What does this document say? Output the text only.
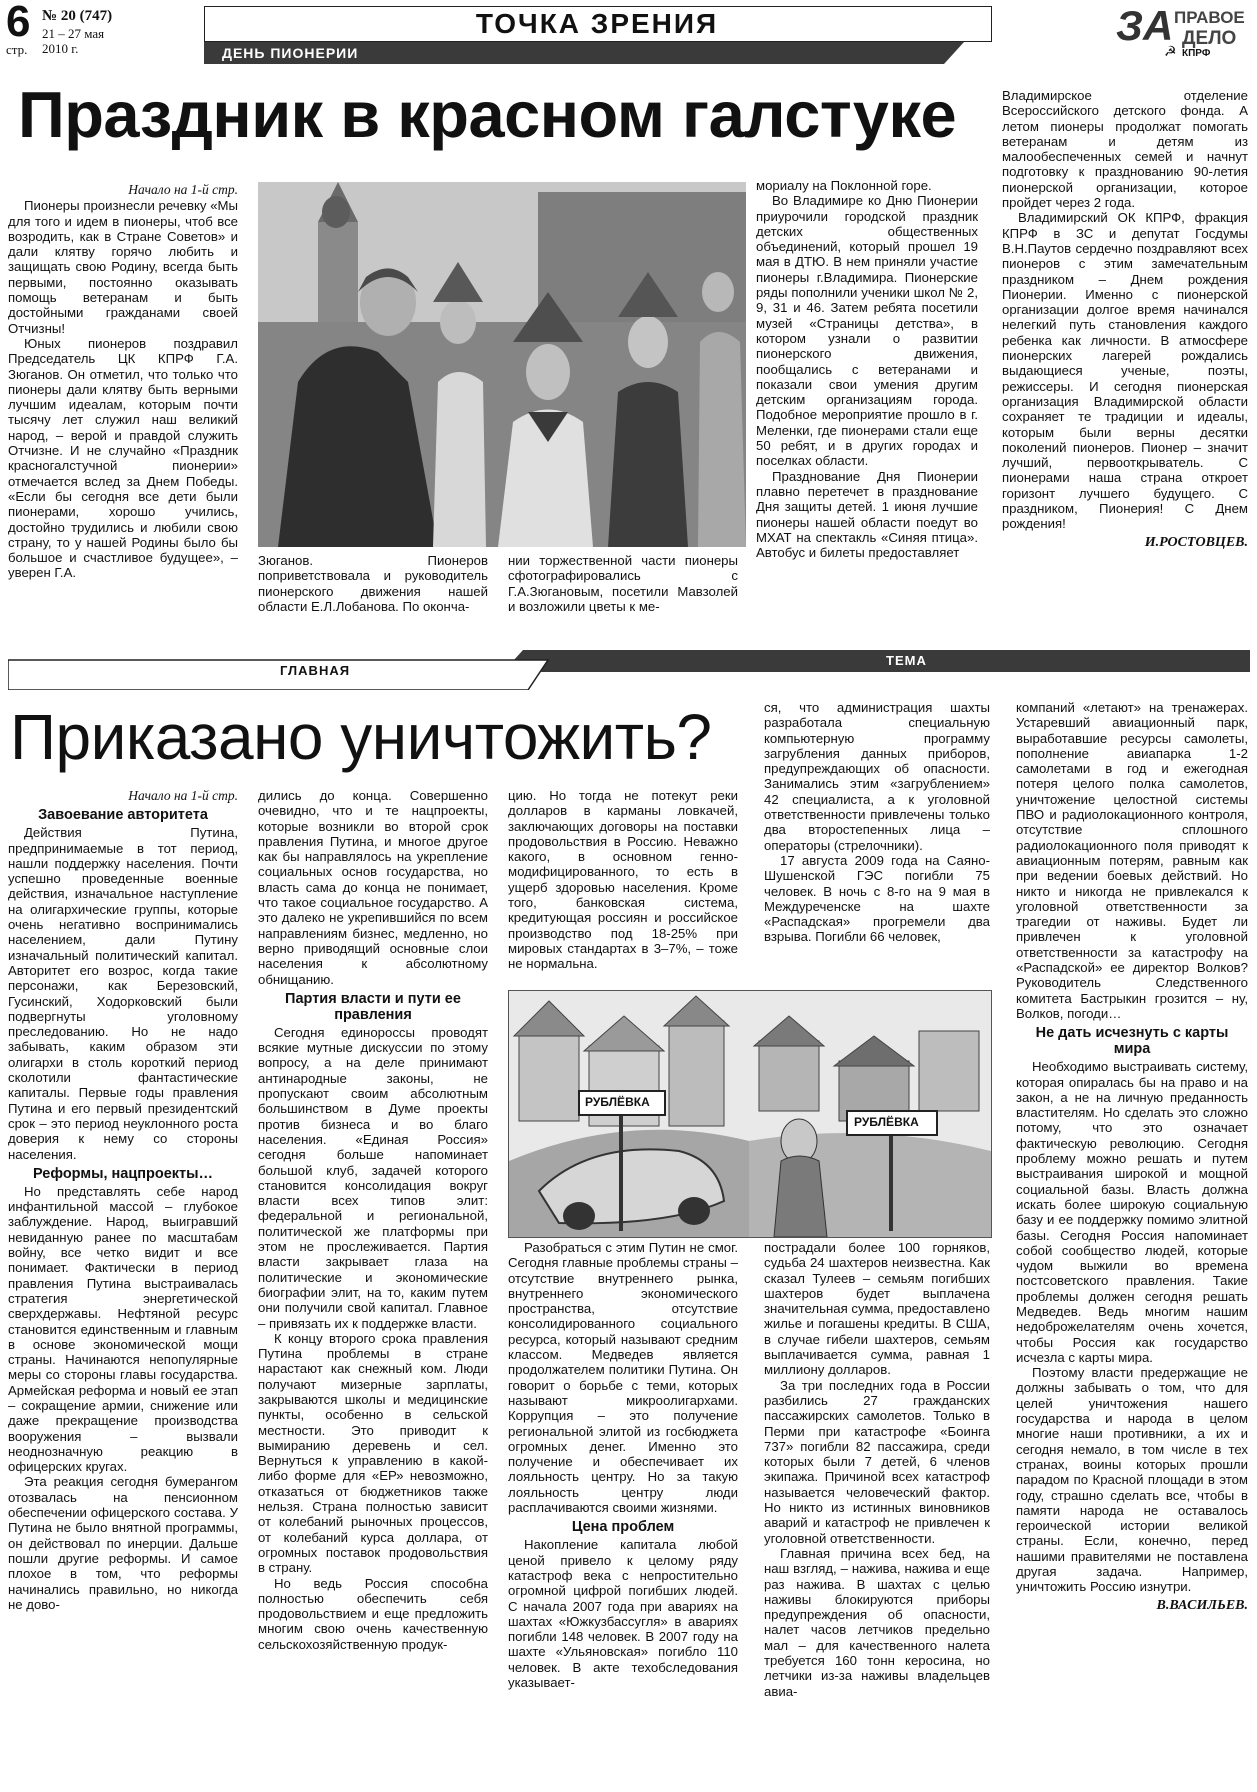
6
стр.
№ 20 (747)
21 – 27 мая
2010 г.
ТОЧКА ЗРЕНИЯ
ДЕНЬ ПИОНЕРИИ
ЗА ПРАВОЕ
ДЕЛО
☭ КПРФ
Праздник в красном галстуке
Начало на 1-й стр.

Пионеры произнесли речевку «Мы для того и идем в пионеры, чтоб все возродить, как в Стране Советов» и дали клятву горячо любить и защищать свою Родину, всегда быть первыми, постоянно оказывать помощь ветеранам и быть достойными гражданами своей Отчизны!

Юных пионеров поздравил Председатель ЦК КПРФ Г.А. Зюганов. Он отметил, что только что пионеры дали клятву быть верными лучшим идеалам, которым почти тысячу лет служил наш великий народ, – верой и правдой служить Отчизне. И не случайно «Праздник красногалстучной пионерии» отмечается вслед за Днем Победы. «Если бы сегодня все дети были пионерами, хорошо учились, достойно трудились и любили свою страну, то у нашей Родины было бы большое и счастливое будущее», – уверен Г.А.

Зюганов. Пионеров поприветствовала и руководитель пионерского движения нашей области Е.Л.Лобанова. По оконча-

нии торжественной части пионеры сфотографировались с Г.А.Зюгановым, посетили Мавзолей и возложили цветы к ме-

мориалу на Поклонной горе.

Во Владимире ко Дню Пионерии приурочили городской праздник детских общественных объединений, который прошел 19 мая в ДТЮ. В нем приняли участие пионеры г.Владимира. Пионерские ряды пополнили ученики школ № 2, 9, 31 и 46. Затем ребята посетили музей «Страницы детства», в котором узнали о развитии пионерского движения, пообщались с ветеранами и показали свои умения другим детским организациям города. Подобное мероприятие прошло в г. Меленки, где пионерами стали еще 50 ребят, и в других городах и поселках области.

Празднование Дня Пионерии плавно перетечет в празднование Дня защиты детей. 1 июня лучшие пионеры нашей области поедут во МХАТ на спектакль «Синяя птица». Автобус и билеты предоставляет

Владимирское отделение Всероссийского детского фонда. А летом пионеры продолжат помогать ветеранам и детям из малообеспеченных семей и начнут подготовку к празднованию 90-летия пионерской организации, которое пройдет через 2 года.

Владимирский ОК КПРФ, фракция КПРФ в ЗС и депутат Госдумы В.Н.Паутов сердечно поздравляют всех пионеров с этим замечательным праздником – Днем рождения Пионерии. Именно с пионерской организации долгое время начинался нелегкий путь становления каждого ребенка как личности. В атмосфере пионерских лагерей рождались выдающиеся ученые, поэты, режиссеры. И сегодня пионерская организация Владимирской области сохраняет те традиции и идеалы, которым были верны десятки поколений пионеров. Пионер – значит лучший, первооткрыватель. С пионерами наша страна откроет горизонт лучшего будущего. С праздником, Пионерия! С Днем рождения!

И.РОСТОВЦЕВ.
ГЛАВНАЯ
ТЕМА
Приказано уничтожить?
Начало на 1-й стр.
Завоевание авторитета

Действия Путина, предпринимаемые в тот период, нашли поддержку населения. Почти успешно проведенные военные действия, изначальное наступление на олигархические группы, которые очень негативно воспринимались населением, дали Путину изначальный политический капитал. Авторитет его возрос, когда такие персонажи, как Березовский, Гусинский, Ходорковский были подвергнуты уголовному преследованию. Но не надо забывать, каким образом эти олигархи в столь короткий период сколотили фантастические капиталы. Первые годы правления Путина и его первый президентский срок – это период неуклонного роста доверия к нему со стороны населения.

Реформы, нацпроекты…

Но представлять себе народ инфантильной массой – глубокое заблуждение. Народ, выигравший невиданную ранее по масштабам войну, все четко видит и все понимает. Фактически в период правления Путина выстраивалась стратегия энергетической сверхдержавы. Нефтяной ресурс становится единственным и главным в основе экономической мощи страны. Начинаются непопулярные меры со стороны главы государства. Армейская реформа и новый ее этап – сокращение армии, снижение или даже прекращение производства вооружения – вызвали неоднозначную реакцию в офицерских кругах.

Эта реакция сегодня бумерангом отозвалась на пенсионном обеспечении офицерского состава. У Путина не было внятной программы, он действовал по инерции. Дальше пошли другие реформы. И самое плохое в том, что реформы начинались правильно, но никогда не дово-

дились до конца. Совершенно очевидно, что и те нацпроекты, которые возникли во второй срок правления Путина, и многое другое как бы направлялось на укрепление социальных основ государства, но власть сама до конца не понимает, что такое социальное государство. А это далеко не укрепившийся по всем направлениям бизнес, медленно, но верно приводящий основные слои населения к абсолютному обнищанию.

Партия власти и пути ее правления

Сегодня единороссы проводят всякие мутные дискуссии по этому вопросу, а на деле принимают антинародные законы, не пропускают своим абсолютным большинством в Думе проекты против бизнеса и во благо населения. «Единая Россия» сегодня больше напоминает большой клуб, задачей которого становится консолидация вокруг власти всех типов элит: федеральной и региональной, политической же платформы при этом не прослеживается. Партия власти закрывает глаза на политические и экономические биографии элит, на то, каким путем они получили свой капитал. Главное – привязать их к поддержке власти.

К концу второго срока правления Путина проблемы в стране нарастают как снежный ком. Люди получают мизерные зарплаты, закрываются школы и медицинские пункты, особенно в сельской местности. Это приводит к вымиранию деревень и сел. Вернуться к управлению в какой-либо форме для «ЕР» невозможно, отказаться от бюджетников также нельзя. Страна полностью зависит от колебаний рыночных процессов, от колебаний курса доллара, от огромных поставок продовольствия в страну.

Но ведь Россия способна полностью обеспечить себя продовольствием и еще предложить многим свою очень качественную сельскохозяйственную продук-

цию. Но тогда не потекут реки долларов в карманы ловкачей, заключающих договоры на поставки продовольствия в Россию. Неважно какого, в основном генно-модифицированного, то есть в ущерб здоровью населения. Кроме того, банковская система, кредитующая россиян и российское производство под 18-25% при мировых стандартах в 3–7%, – тоже не нормальна.

ся, что администрация шахты разработала специальную компьютерную программу загрубления данных приборов, предупреждающих об опасности. Занимались этим «загрублением» 42 специалиста, а к уголовной ответственности привлечены только два второстепенных лица – операторы (стрелочники).

17 августа 2009 года на Саяно-Шушенской ГЭС погибли 75 человек. В ночь с 8-го на 9 мая в Междуреченске на шахте «Распадская» прогремели два взрыва. Погибли 66 человек,

РУБЛЁВКА
РУБЛЁВКА

Разобраться с этим Путин не смог. Сегодня главные проблемы страны – отсутствие внутреннего рынка, внутреннего экономического пространства, отсутствие консолидированного социального ресурса, который называют средним классом. Медведев является продолжателем политики Путина. Он говорит о борьбе с теми, которых называют микроолигархами. Коррупция – это получение региональной элитой из госбюджета огромных денег. Именно это получение и обеспечивает их лояльность центру. Но за такую лояльность центру люди расплачиваются своими жизнями.

Цена проблем

Накопление капитала любой ценой привело к целому ряду катастроф века с непростительно огромной цифрой погибших людей. С начала 2007 года при авариях на шахтах «Южкузбассугля» в авариях погибли 148 человек. В 2007 году на шахте «Ульяновская» погибло 110 человек. В акте техобследования указывает-

пострадали более 100 горняков, судьба 24 шахтеров неизвестна. Как сказал Тулеев – семьям погибших шахтеров будет выплачена значительная сумма, предоставлено жилье и погашены кредиты. В США, в случае гибели шахтеров, семьям выплачивается сумма, равная 1 миллиону долларов.

За три последних года в России разбились 27 гражданских пассажирских самолетов. Только в Перми при катастрофе «Боинга 737» погибли 82 пассажира, среди которых были 7 детей, 6 членов экипажа. Причиной всех катастроф называется человеческий фактор. Но никто из истинных виновников аварий и катастроф не привлечен к уголовной ответственности.

Главная причина всех бед, на наш взгляд, – нажива, нажива и еще раз нажива. В шахтах с целью наживы блокируются приборы предупреждения об опасности, налет часов летчиков предельно мал – для качественного налета требуется 160 тонн керосина, но летчики из-за наживы владельцев авиа-

компаний «летают» на тренажерах. Устаревший авиационный парк, выработавшие ресурсы самолеты, пополнение авиапарка 1-2 самолетами в год и ежегодная потеря целого полка самолетов, уничтожение целостной системы ПВО и радиолокационного контроля, отсутствие сплошного радиолокационного поля приводят к авиационным потерям, равным как при ведении боевых действий. Но никто и никогда не привлекался к уголовной ответственности за трагедии от наживы. Будет ли привлечен к уголовной ответственности за катастрофу на «Распадской» ее директор Волков? Руководитель Следственного комитета Бастрыкин грозится – ну, Волков, погоди…

Не дать исчезнуть с карты мира

Необходимо выстраивать систему, которая опиралась бы на право и на закон, а не на личную преданность властителям. Но сделать это сложно потому, что это означает фактическую революцию. Сегодня проблему можно решать и путем выстраивания широкой и мощной социальной базы. Власть должна искать более широкую социальную базу и ее поддержку помимо элитной базы. Сегодня Россия напоминает собой сообщество людей, которые чудом выжили во времена постсоветского правления. Такие проблемы должен сегодня решать Медведев. Ведь многим нашим недоброжелателям очень хочется, чтобы Россия как государство исчезла с карты мира.

Поэтому власти предержащие не должны забывать о том, что для целей уничтожения нашего государства и народа в целом многие наши противники, а их и сегодня немало, в том числе в тех странах, воины которых прошли парадом по Красной площади в этом году, страшно сделать все, чтобы в памяти народа не оставалось героической истории великой страны. Если, конечно, перед нашими правителями не поставлена другая задача. Например, уничтожить Россию изнутри.

В.ВАСИЛЬЕВ.
